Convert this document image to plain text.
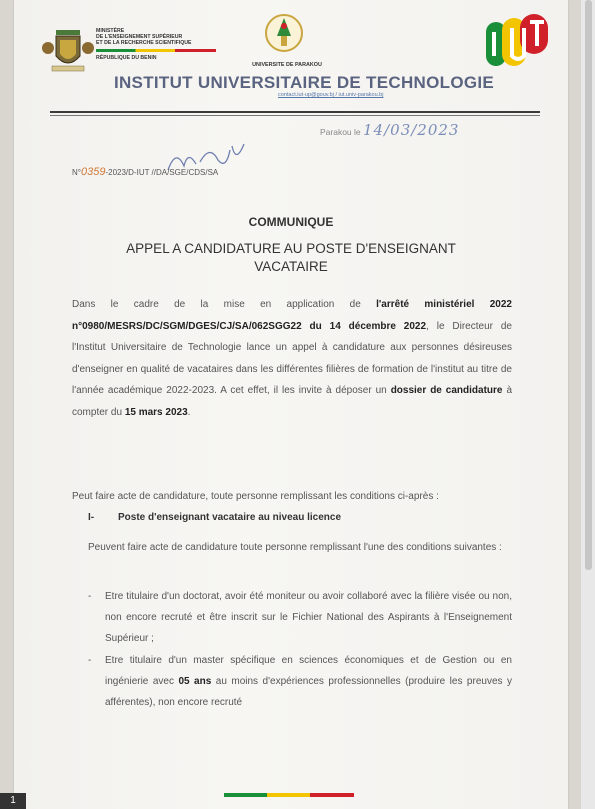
MINISTÈRE
DE L'ENSEIGNEMENT SUPÉRIEUR
ET DE LA RECHERCHE SCIENTIFIQUE
RÉPUBLIQUE DU BENIN
UNIVERSITE DE PARAKOU
INSTITUT UNIVERSITAIRE DE TECHNOLOGIE
contact.iut-up@gouv.bj / iut.univ-parakou.bj
Parakou le 14/03/2023
N°0359-2023/D-IUT //DA/SGE/CDS/SA
COMMUNIQUE
APPEL A CANDIDATURE AU POSTE D'ENSEIGNANT VACATAIRE
Dans le cadre de la mise en application de l'arrêté ministériel 2022 n°0980/MESRS/DC/SGM/DGES/CJ/SA/062SGG22 du 14 décembre 2022, le Directeur de l'Institut Universitaire de Technologie lance un appel à candidature aux personnes désireuses d'enseigner en qualité de vacataires dans les différentes filières de formation de l'institut au titre de l'année académique 2022-2023. A cet effet, il les invite à déposer un dossier de candidature à compter du 15 mars 2023.
Peut faire acte de candidature, toute personne remplissant les conditions ci-après :
I- Poste d'enseignant vacataire au niveau licence
Peuvent faire acte de candidature toute personne remplissant l'une des conditions suivantes :
- Etre titulaire d'un doctorat, avoir été moniteur ou avoir collaboré avec la filière visée ou non, non encore recruté et être inscrit sur le Fichier National des Aspirants à l'Enseignement Supérieur ;
- Etre titulaire d'un master spécifique en sciences économiques et de Gestion ou en ingénierie avec 05 ans au moins d'expériences professionnelles (produire les preuves y afférentes), non encore recruté
1
